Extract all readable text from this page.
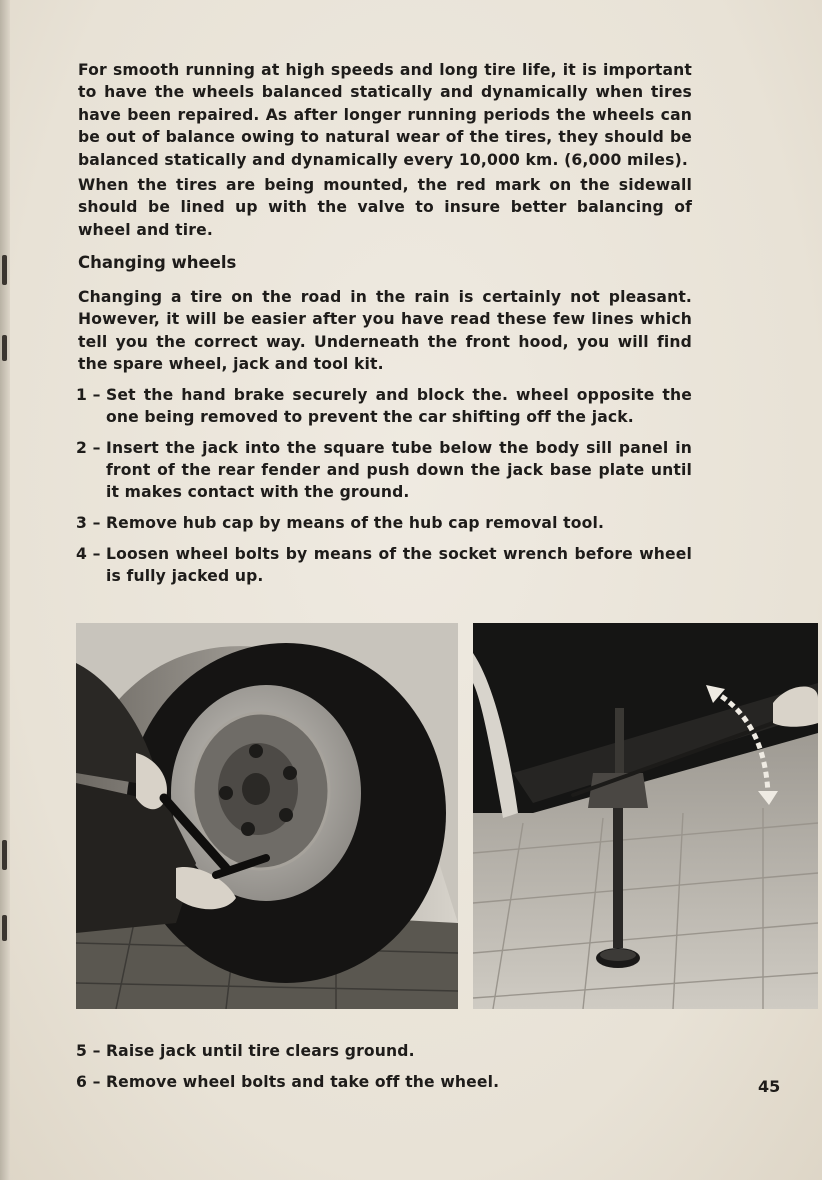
For smooth running at high speeds and long tire life, it is important to have the wheels balanced statically and dynamically when tires have been repaired. As after longer running periods the wheels can be out of balance owing to natural wear of the tires, they should be balanced statically and dynamically every 10,000 km. (6,000 miles).

When the tires are being mounted, the red mark on the sidewall should be lined up with the valve to insure better balancing of wheel and tire.

Changing wheels

Changing a tire on the road in the rain is certainly not pleasant. However, it will be easier after you have read these few lines which tell you the correct way. Underneath the front hood, you will find the spare wheel, jack and tool kit.

1 – Set the hand brake securely and block the. wheel opposite the one being removed to prevent the car shifting off the jack.
2 – Insert the jack into the square tube below the body sill panel in front of the rear fender and push down the jack base plate until it makes contact with the ground.
3 – Remove hub cap by means of the hub cap removal tool.
4 – Loosen wheel bolts by means of the socket wrench before wheel is fully jacked up.
5 – Raise jack until tire clears ground.
6 – Remove wheel bolts and take off the wheel.	45
